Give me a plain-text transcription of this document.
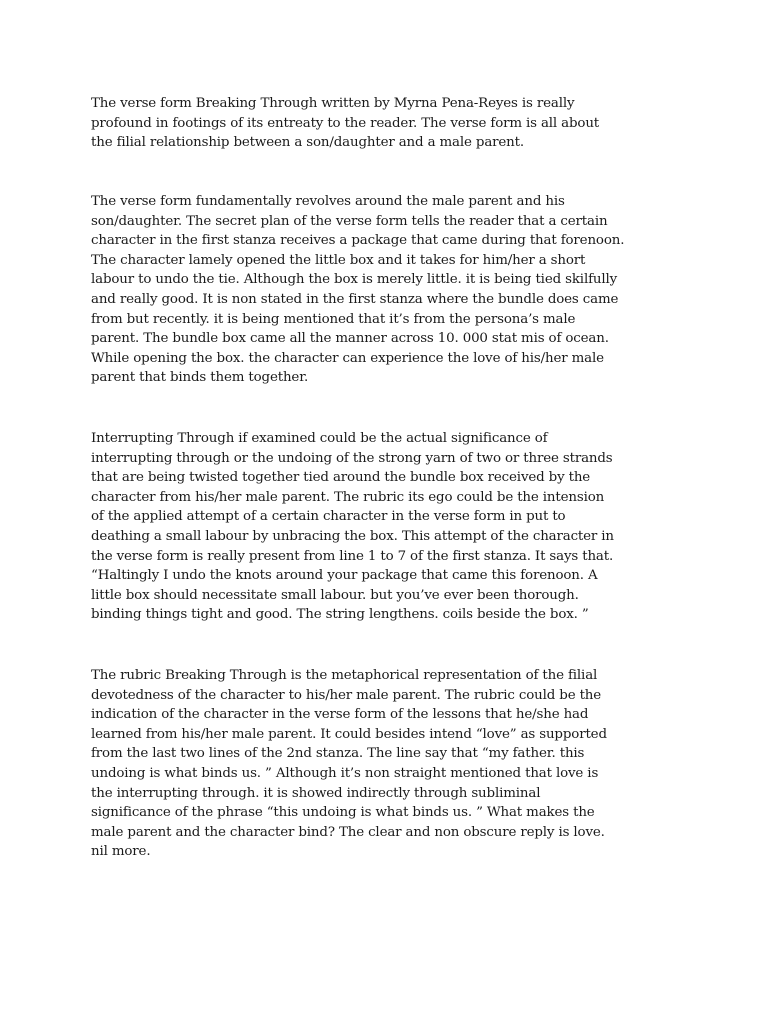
The verse form Breaking Through written by Myrna Pena-Reyes is really
profound in footings of its entreaty to the reader. The verse form is all about
the filial relationship between a son/daughter and a male parent.

The verse form fundamentally revolves around the male parent and his
son/daughter. The secret plan of the verse form tells the reader that a certain
character in the first stanza receives a package that came during that forenoon.
The character lamely opened the little box and it takes for him/her a short
labour to undo the tie. Although the box is merely little. it is being tied skilfully
and really good. It is non stated in the first stanza where the bundle does came
from but recently. it is being mentioned that it’s from the persona’s male
parent. The bundle box came all the manner across 10. 000 stat mis of ocean.
While opening the box. the character can experience the love of his/her male
parent that binds them together.

Interrupting Through if examined could be the actual significance of
interrupting through or the undoing of the strong yarn of two or three strands
that are being twisted together tied around the bundle box received by the
character from his/her male parent. The rubric its ego could be the intension
of the applied attempt of a certain character in the verse form in put to
deathing a small labour by unbracing the box. This attempt of the character in
the verse form is really present from line 1 to 7 of the first stanza. It says that.
“Haltingly I undo the knots around your package that came this forenoon. A
little box should necessitate small labour. but you’ve ever been thorough.
binding things tight and good. The string lengthens. coils beside the box. ”

The rubric Breaking Through is the metaphorical representation of the filial
devotedness of the character to his/her male parent. The rubric could be the
indication of the character in the verse form of the lessons that he/she had
learned from his/her male parent. It could besides intend “love” as supported
from the last two lines of the 2nd stanza. The line say that “my father. this
undoing is what binds us. ” Although it’s non straight mentioned that love is
the interrupting through. it is showed indirectly through subliminal
significance of the phrase “this undoing is what binds us. ” What makes the
male parent and the character bind? The clear and non obscure reply is love.
nil more.
